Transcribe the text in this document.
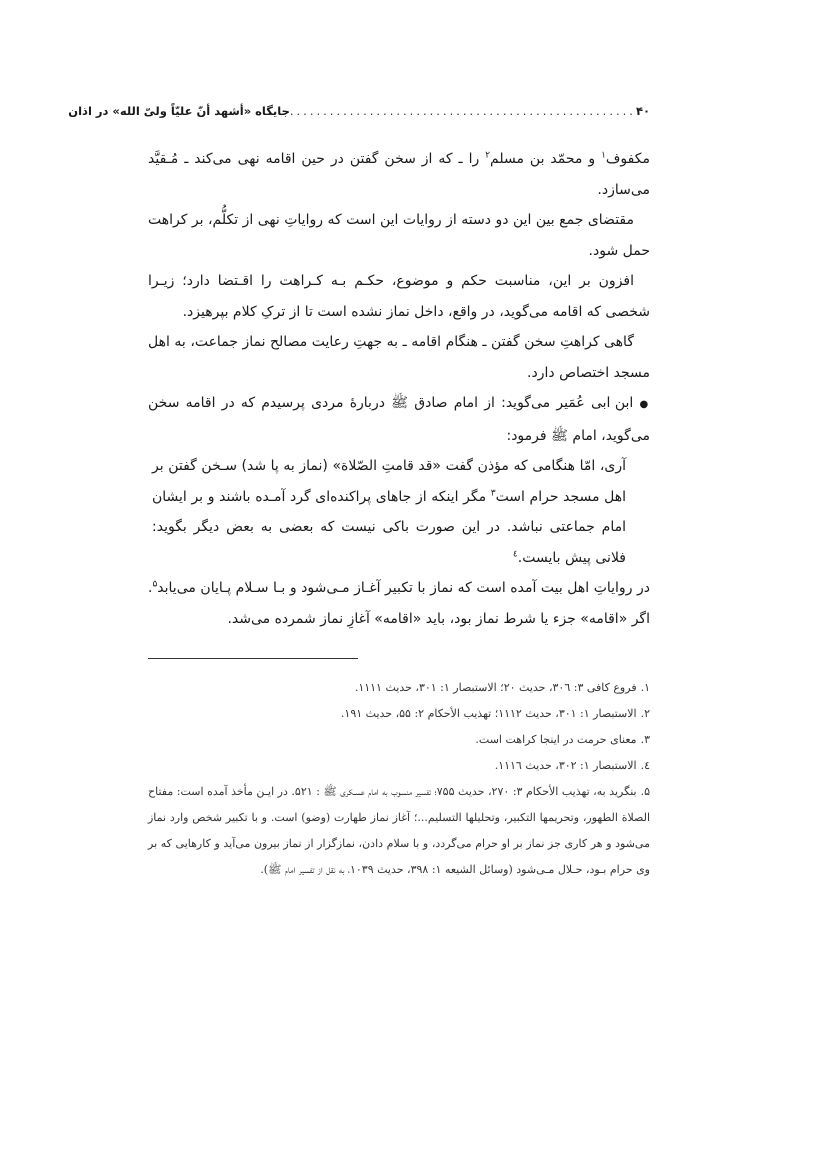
۴۰
....................................................
جایگاه «أشهد أنّ علیّاً ولیّ الله» در اذان

مکفوف$^۱$ و محمّد بن مسلم$^۲$ را ـ که از سخن گفتن در حین اقامه نهی می‌کند ـ مُـقیَّد می‌سازد.

مقتضای جمع بین این دو دسته از روایات این است که روایاتِ نهی از تکلُّم، بر کراهت حمل شود.

افزون بر این، مناسبت حکم و موضوع، حکـم بـه کـراهت را اقـتضا دارد؛ زیـرا شخصی که اقامه می‌گوید، در واقع، داخل نماز نشده است تا از ترکِ کلام بپرهیزد.

گاهی کراهتِ سخن گفتن ـ هنگام اقامه ـ به جهتِ رعایت مصالح نماز جماعت، به اهل مسجد اختصاص دارد.

● ابن ابی عُمَیر می‌گوید: از امام صادق ﷺ دربارهٔ مردی پرسیدم که در اقامه سخن می‌گوید، امام ﷺ فرمود:

آری، امّا هنگامی که مؤذن گفت «قد قامتِ الصّلاة» (نماز به پا شد) سـخن گفتن بر اهل مسجد حرام است$^۳$ مگر اینکه از جاهای پراکنده‌ای گرد آمـده باشند و بر ایشان امام جماعتی نباشد. در این صورت باکی نیست که بعضی به بعض دیگر بگوید: فلانی پیش بایست.$^٤$

در روایاتِ اهل بیت آمده است که نماز با تکبیر آغـاز مـی‌شود و بـا سـلام پـایان می‌یابد$^۵$. اگر «اقامه» جزء یا شرط نماز بود، باید «اقامه» آغازِ نماز شمرده می‌شد.

۱.فروع کافی ۳: ۳۰٦، حدیث ۲۰؛ الاستبصار ۱: ۳۰۱، حدیث ۱۱۱۱.

۲.الاستبصار ۱: ۳۰۱، حدیث ۱۱۱۲؛ تهذیب الأحکام ۲: ۵۵، حدیث ۱۹۱.

۳.معنای حرمت در اینجا کراهت است.

٤.الاستبصار ۱: ۳۰۲، حدیث ۱۱۱٦.

۵.بنگرید به، تهذیب الأحکام ۳: ۲۷۰، حدیث ۷۵۵؛ تفسیر منسوب به امام عسـکری ﷺ : ۵۲۱. در ایـن مأخذ آمده است: مفتاح الصلاة الطهور، وتحریمها التکبیر، وتحلیلها التسلیم...؛ آغاز نماز طهارت (وضو) است. و با تکبیر شخص وارد نماز می‌شود و هر کاری جز نماز بر او حرام می‌گردد، و با سلام دادن، نمازگزار از نماز بیرون می‌آید و کارهایی که بر وی حرام بـود، حـلال مـی‌شود (وسائل الشیعه ۱: ۳۹۸، حدیث ۱۰۳۹، به نقل از تفسیر امام ﷺ).
